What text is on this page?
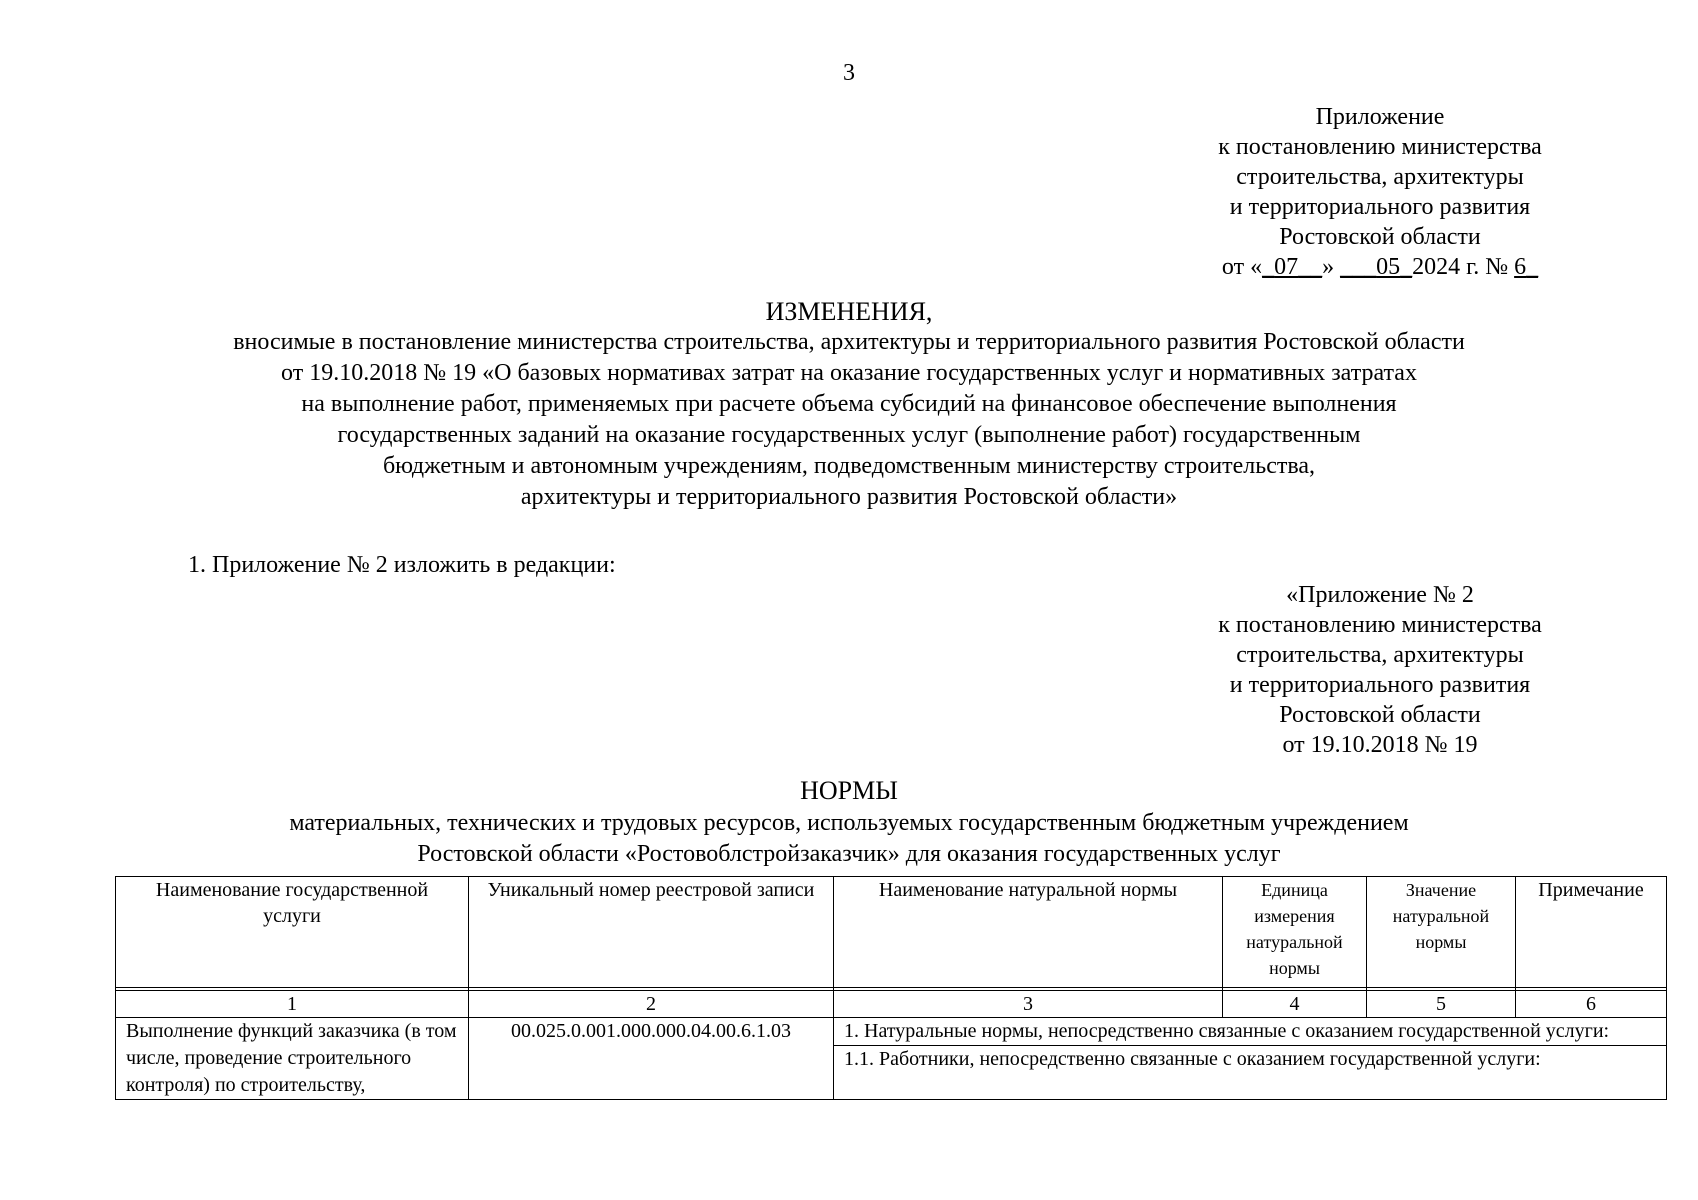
3
Приложение
к постановлению министерства
строительства, архитектуры
и территориального развития
Ростовской области
от «_07__» ___05_2024 г. № 6_
ИЗМЕНЕНИЯ,
вносимые в постановление министерства строительства, архитектуры и территориального развития Ростовской области
от 19.10.2018 № 19 «О базовых нормативах затрат на оказание государственных услуг и нормативных затратах
на выполнение работ, применяемых при расчете объема субсидий на финансовое обеспечение выполнения
государственных заданий на оказание государственных услуг (выполнение работ) государственным
бюджетным и автономным учреждениям, подведомственным министерству строительства,
архитектуры и территориального развития Ростовской области»
1. Приложение № 2 изложить в редакции:
«Приложение № 2
к постановлению министерства
строительства, архитектуры
и территориального развития
Ростовской области
от 19.10.2018 № 19
НОРМЫ
материальных, технических и трудовых ресурсов, используемых государственным бюджетным учреждением
Ростовской области «Ростовоблстройзаказчик» для оказания государственных услуг
Наименование государственной услуги	Уникальный номер реестровой записи	Наименование натуральной нормы	Единица измерения натуральной нормы	Значение натуральной нормы	Примечание

1	2	3	4	5	6
Выполнение функций заказчика (в том числе, проведение строительного контроля) по строительству,	00.025.0.001.000.000.04.00.6.1.03	1. Натуральные нормы, непосредственно связанные с оказанием государственной услуги:
1.1. Работники, непосредственно связанные с оказанием государственной услуги:			
